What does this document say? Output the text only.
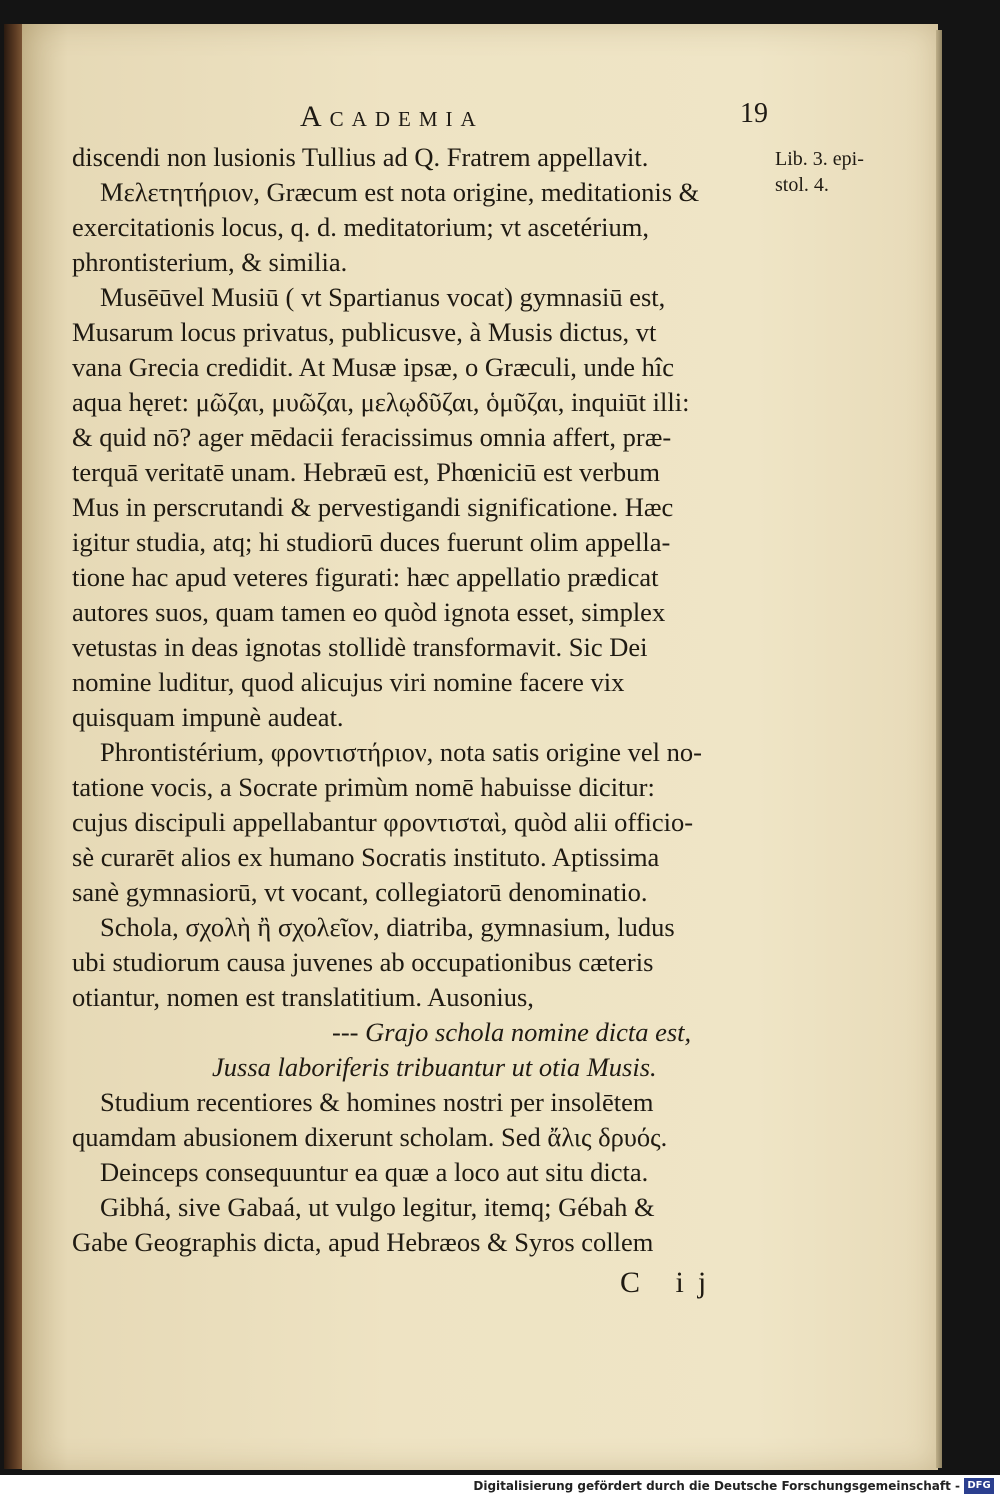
Academia	19
Lib. 3. epi-
stol. 4.
discendi non lusionis Tullius ad Q. Fratrem appellavit.
Μελετητήριον, Græcum est nota origine, meditationis &
exercitationis locus, q. d. meditatorium; vt ascetérium,
phrontisterium, & similia.
Musēūvel Musiū ( vt Spartianus vocat) gymnasiū est,
Musarum locus privatus, publicusve, à Musis dictus, vt
vana Grecia credidit. At Musæ ipsæ, o Græculi, unde hîc
aqua hęret: μῶζαι, μυῶζαι, μελῳδῦζαι, ὁμῦζαι, inquiūt illi:
& quid nō? ager mēdacii feracissimus omnia affert, præ-
terquā veritatē unam. Hebræū est, Phœniciū est verbum
Mus in perscrutandi & pervestigandi significatione. Hæc
igitur studia, atq; hi studiorū duces fuerunt olim appella-
tione hac apud veteres figurati: hæc appellatio prædicat
autores suos, quam tamen eo quòd ignota esset, simplex
vetustas in deas ignotas stollidè transformavit. Sic Dei
nomine luditur, quod alicujus viri nomine facere vix
quisquam impunè audeat.
Phrontistérium, φροντιστήριον, nota satis origine vel no-
tatione vocis, a Socrate primùm nomē habuisse dicitur:
cujus discipuli appellabantur φροντισταὶ, quòd alii officio-
sè curarēt alios ex humano Socratis instituto. Aptissima
sanè gymnasiorū, vt vocant, collegiatorū denominatio.
Schola, σχολὴ ἢ σχολεῖον, diatriba, gymnasium, ludus
ubi studiorum causa juvenes ab occupationibus cæteris
otiantur, nomen est translatitium. Ausonius,
--- Grajo schola nomine dicta est,
Jussa laboriferis tribuantur ut otia Musis.
Studium recentiores & homines nostri per insolētem
quamdam abusionem dixerunt scholam. Sed ἄλις δρυός.
Deinceps consequuntur ea quæ a loco aut situ dicta.
Gibhá, sive Gabaá, ut vulgo legitur, itemq; Gébah &
Gabe Geographis dicta, apud Hebræos & Syros collem
C ij
Digitalisierung gefördert durch die Deutsche Forschungsgemeinschaft - DFG
